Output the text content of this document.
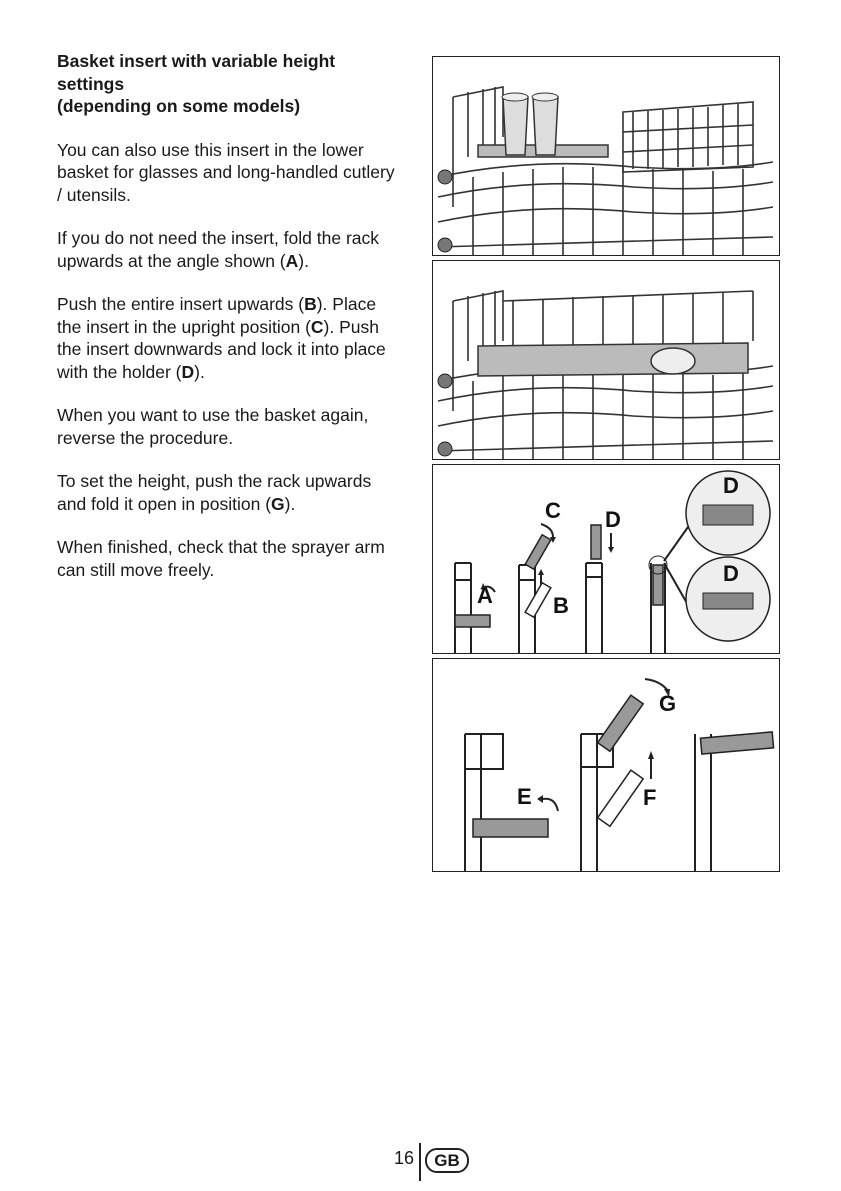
Basket insert with variable height settings
(depending on some models)

You can also use this insert in the lower basket for glasses and long-handled cutlery / utensils.

If you do not need the insert, fold the rack upwards at the angle shown (A).

Push the entire insert upwards (B). Place the insert in the upright position (C). Push the insert downwards and lock it into place with the holder (D).

When you want to use the basket again, reverse the procedure.

To set the height, push the rack upwards and fold it open in position (G).

When finished, check that the sprayer arm can still move freely.

C D
A	B
D
D
G
E	F
16	GB
